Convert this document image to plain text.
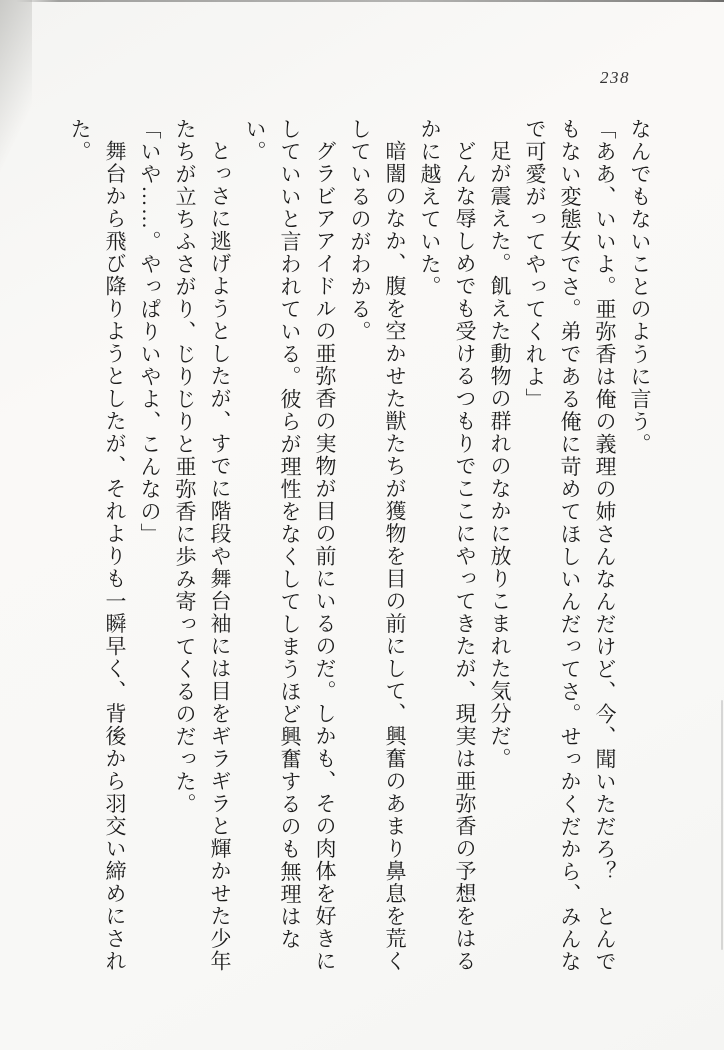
238

なんでもないことのように言う。

「ああ、いいよ。亜弥香は俺の義理の姉さんなんだけど、今、聞いただろ？　とんでもない変態女でさ。弟である俺に苛めてほしいんだってさ。せっかくだから、みんなで可愛がってやってくれよ」

足が震えた。飢えた動物の群れのなかに放りこまれた気分だ。

どんな辱しめでも受けるつもりでここにやってきたが、現実は亜弥香の予想をはるかに越えていた。

暗闇のなか、腹を空かせた獣たちが獲物を目の前にして、興奮のあまり鼻息を荒くしているのがわかる。

グラビアアイドルの亜弥香の実物が目の前にいるのだ。しかも、その肉体を好きにしていいと言われている。彼らが理性をなくしてしまうほど興奮するのも無理はない。

とっさに逃げようとしたが、すでに階段や舞台袖には目をギラギラと輝かせた少年たちが立ちふさがり、じりじりと亜弥香に歩み寄ってくるのだった。

「いや……。やっぱりいやよ、こんなの」

舞台から飛び降りようとしたが、それよりも一瞬早く、背後から羽交い締めにされた。
